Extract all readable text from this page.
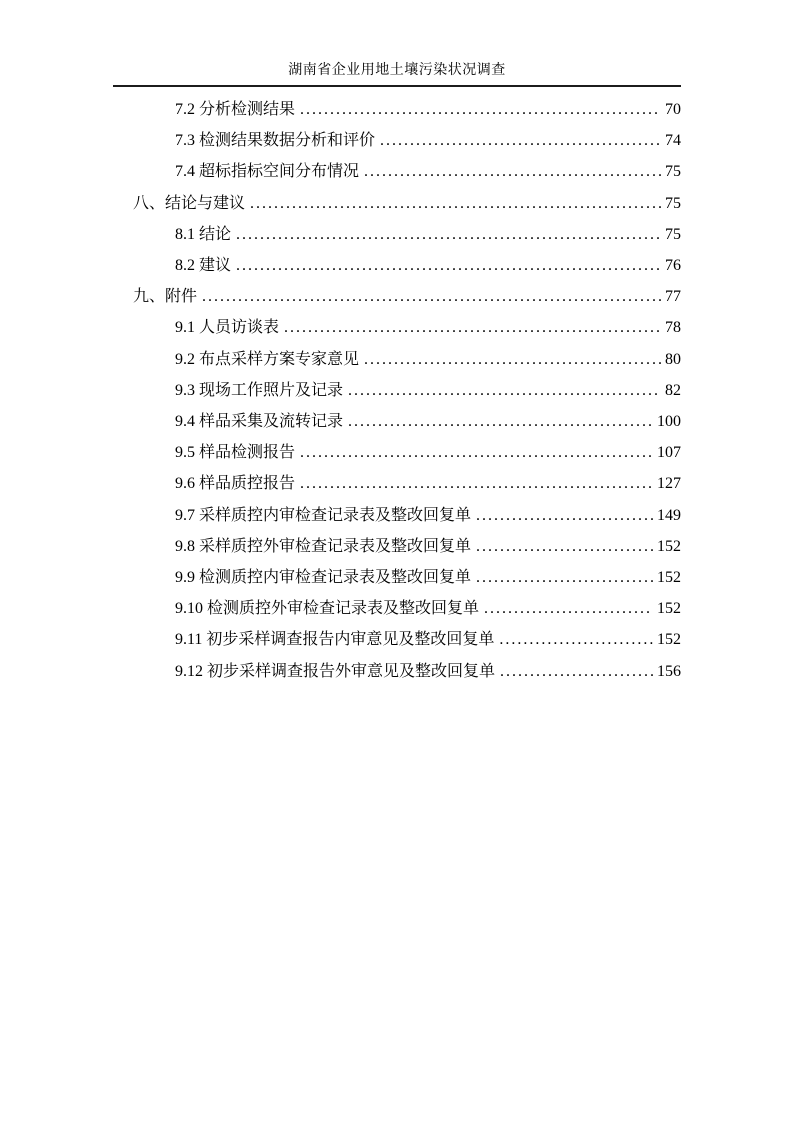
湖南省企业用地土壤污染状况调查
7.2 分析检测结果 .....	70
7.3 检测结果数据分析和评价 .....	74
7.4 超标指标空间分布情况 .....	75
八、结论与建议 .....	75
8.1 结论 .....	75
8.2 建议 .....	76
九、附件 .....	77
9.1 人员访谈表 .....	78
9.2 布点采样方案专家意见 .....	80
9.3 现场工作照片及记录 .....	82
9.4 样品采集及流转记录 .....	100
9.5 样品检测报告 .....	107
9.6 样品质控报告 .....	127
9.7 采样质控内审检查记录表及整改回复单 .....	149
9.8 采样质控外审检查记录表及整改回复单 .....	152
9.9 检测质控内审检查记录表及整改回复单 .....	152
9.10 检测质控外审检查记录表及整改回复单 .....	152
9.11 初步采样调查报告内审意见及整改回复单 .....	152
9.12 初步采样调查报告外审意见及整改回复单 .....	156
